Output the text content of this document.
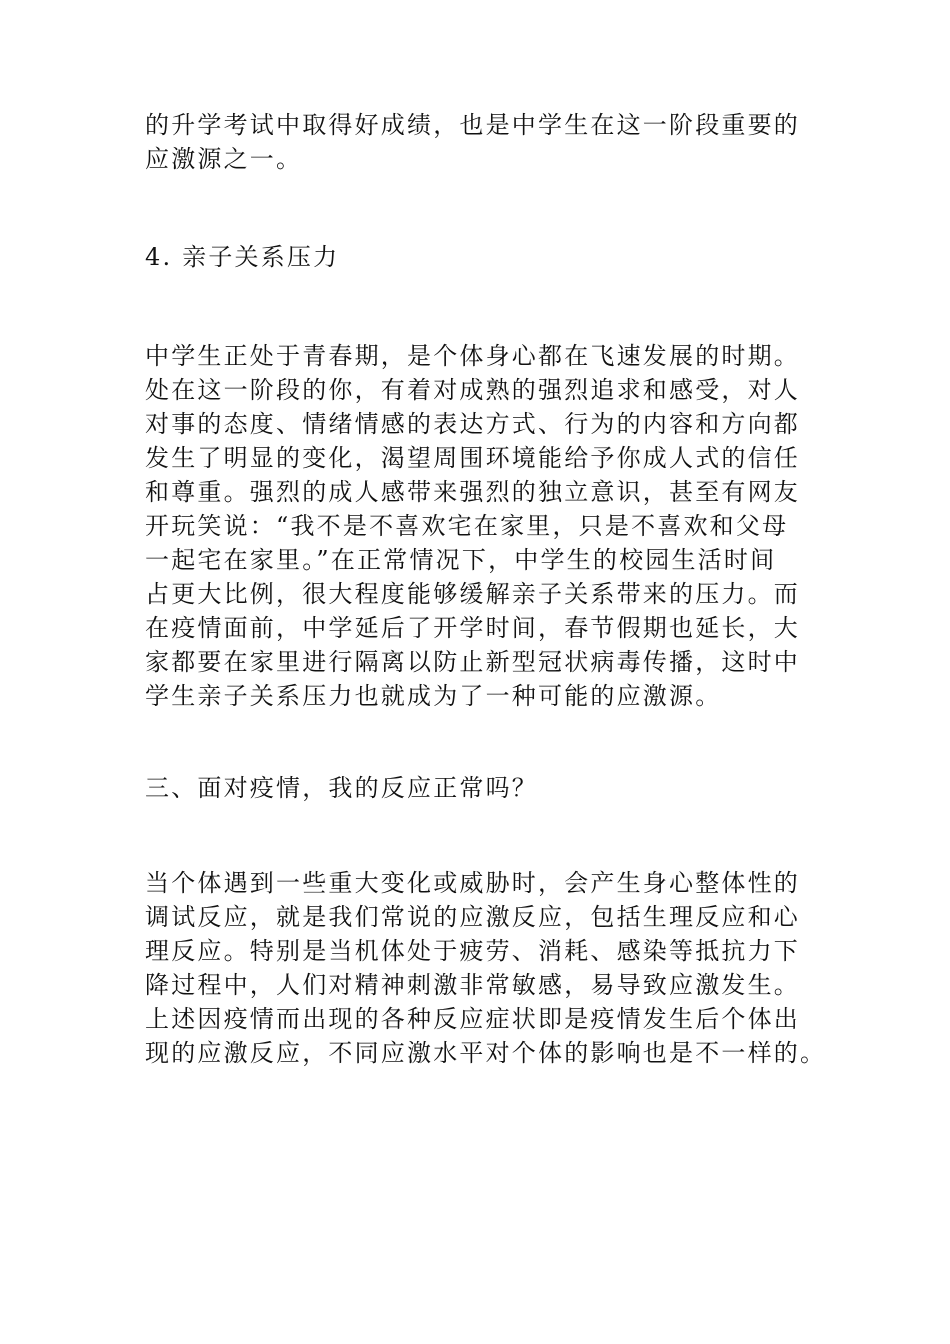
的升学考试中取得好成绩，也是中学生在这一阶段重要的
应激源之一。
4. 亲子关系压力
中学生正处于青春期，是个体身心都在飞速发展的时期。
处在这一阶段的你，有着对成熟的强烈追求和感受，对人
对事的态度、情绪情感的表达方式、行为的内容和方向都
发生了明显的变化，渴望周围环境能给予你成人式的信任
和尊重。强烈的成人感带来强烈的独立意识，甚至有网友
开玩笑说：“我不是不喜欢宅在家里，只是不喜欢和父母
一起宅在家里。”在正常情况下，中学生的校园生活时间
占更大比例，很大程度能够缓解亲子关系带来的压力。而
在疫情面前，中学延后了开学时间，春节假期也延长，大
家都要在家里进行隔离以防止新型冠状病毒传播，这时中
学生亲子关系压力也就成为了一种可能的应激源。
三、面对疫情，我的反应正常吗？
当个体遇到一些重大变化或威胁时，会产生身心整体性的
调试反应，就是我们常说的应激反应，包括生理反应和心
理反应。特别是当机体处于疲劳、消耗、感染等抵抗力下
降过程中，人们对精神刺激非常敏感，易导致应激发生。
上述因疫情而出现的各种反应症状即是疫情发生后个体出
现的应激反应，不同应激水平对个体的影响也是不一样的。
